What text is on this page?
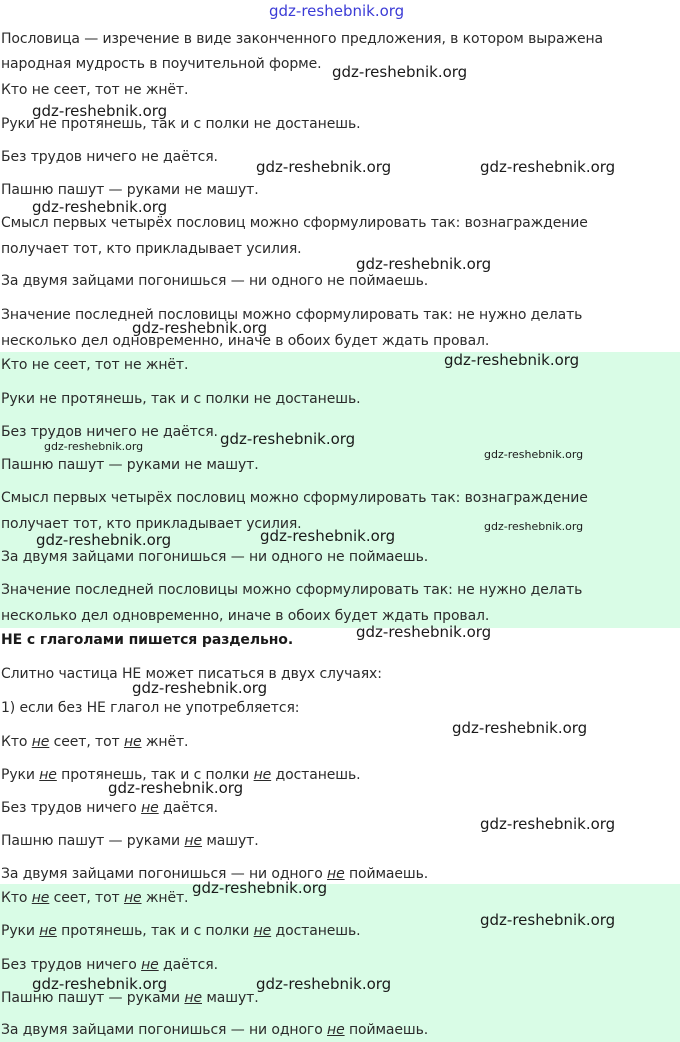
Пословица — изречение в виде законченного предложения, в котором выражена
народная мудрость в поучительной форме.
Кто не сеет, тот не жнёт.
Руки не протянешь, так и с полки не достанешь.
Без трудов ничего не даётся.
Пашню пашут — руками не машут.
Смысл первых четырёх пословиц можно сформулировать так: вознаграждение
получает тот, кто прикладывает усилия.
За двумя зайцами погонишься — ни одного не поймаешь.
Значение последней пословицы можно сформулировать так: не нужно делать
несколько дел одновременно, иначе в обоих будет ждать провал.
Кто не сеет, тот не жнёт.
Руки не протянешь, так и с полки не достанешь.
Без трудов ничего не даётся.
Пашню пашут — руками не машут.
Смысл первых четырёх пословиц можно сформулировать так: вознаграждение
получает тот, кто прикладывает усилия.
За двумя зайцами погонишься — ни одного не поймаешь.
Значение последней пословицы можно сформулировать так: не нужно делать
несколько дел одновременно, иначе в обоих будет ждать провал.
НЕ с глаголами пишется раздельно.
Слитно частица НЕ может писаться в двух случаях:
1) если без НЕ глагол не употребляется:
Кто не сеет, тот не жнёт.
Руки не протянешь, так и с полки не достанешь.
Без трудов ничего не даётся.
Пашню пашут — руками не машут.
За двумя зайцами погонишься — ни одного не поймаешь.
Кто не сеет, тот не жнёт.
Руки не протянешь, так и с полки не достанешь.
Без трудов ничего не даётся.
Пашню пашут — руками не машут.
За двумя зайцами погонишься — ни одного не поймаешь.
gdz-reshebnik.org
gdz-reshebnik.org
gdz-reshebnik.org
gdz-reshebnik.org	gdz-reshebnik.org
gdz-reshebnik.org
gdz-reshebnik.org
gdz-reshebnik.org
gdz-reshebnik.org
gdz-reshebnik.org
gdz-reshebnik.org
gdz-reshebnik.org
gdz-reshebnik.org
gdz-reshebnik.org
gdz-reshebnik.org
gdz-reshebnik.org
gdz-reshebnik.org
gdz-reshebnik.org
gdz-reshebnik.org
gdz-reshebnik.org
gdz-reshebnik.org
gdz-reshebnik.org
gdz-reshebnik.org	gdz-reshebnik.org
